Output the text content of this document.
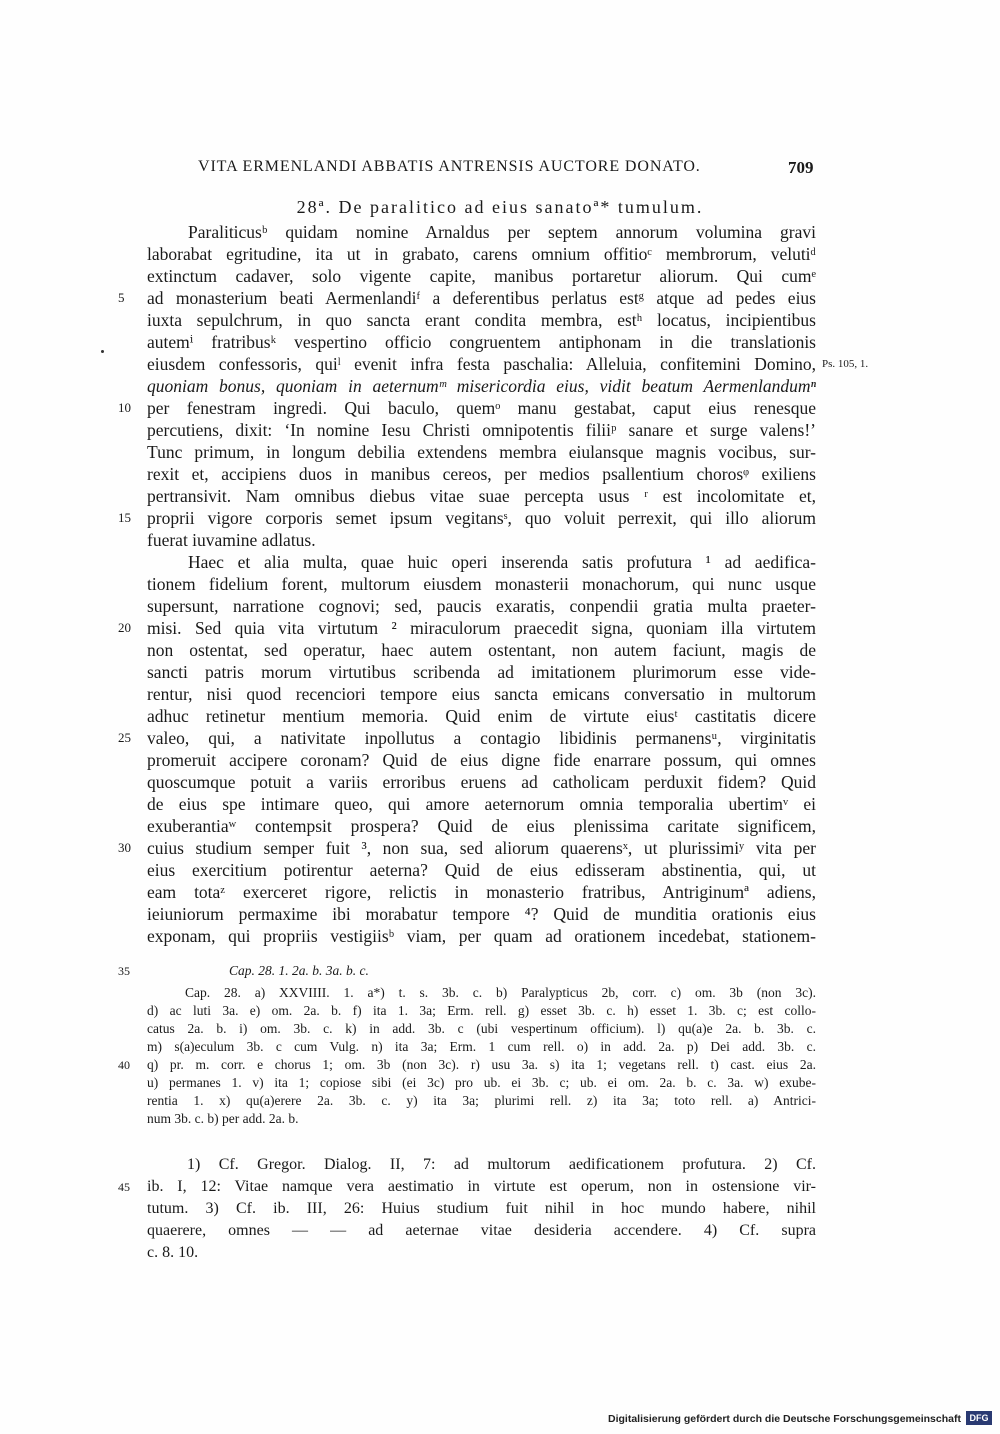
VITA ERMENLANDI ABBATIS ANTRENSIS AUCTORE DONATO.	709
28ª. De paralitico ad eius sanatoª* tumulum.
Paraliticusᵇ quidam nomine Arnaldus per septem annorum volumina gravi
laborabat egritudine, ita ut in grabato, carens omnium offitioᶜ membrorum, velutiᵈ
extinctum cadaver, solo vigente capite, manibus portaretur aliorum. Qui cumᵉ
ad monasterium beati Aermenlandiᶠ a deferentibus perlatus estᵍ atque ad pedes eius
iuxta sepulchrum, in quo sancta erant condita membra, estʰ locatus, incipientibus
autemⁱ fratribusᵏ vespertino officio congruentem antiphonam in die translationis
eiusdem confessoris, quiˡ evenit infra festa paschalia: Alleluia, confitemini Domino,
quoniam bonus, quoniam in aeternumᵐ misericordia eius, vidit beatum Aermenlandumⁿ
per fenestram ingredi. Qui baculo, quemᵒ manu gestabat, caput eius renesque
percutiens, dixit: ‘In nomine Iesu Christi omnipotentis filiiᵖ sanare et surge valens!’
Tunc primum, in longum debilia extendens membra eiulansque magnis vocibus, sur-
rexit et, accipiens duos in manibus cereos, per medios psallentium chorosᵠ exiliens
pertransivit. Nam omnibus diebus vitae suae percepta usus ʳ est incolomitate et,
proprii vigore corporis semet ipsum vegitansˢ, quo voluit perrexit, qui illo aliorum
fuerat iuvamine adlatus.
Haec et alia multa, quae huic operi inserenda satis profutura ¹ ad aedifica-
tionem fidelium forent, multorum eiusdem monasterii monachorum, qui nunc usque
supersunt, narratione cognovi; sed, paucis exaratis, conpendii gratia multa praeter-
misi. Sed quia vita virtutum ² miraculorum praecedit signa, quoniam illa virtutem
non ostentat, sed operatur, haec autem ostentant, non autem faciunt, magis de
sancti patris morum virtutibus scribenda ad imitationem plurimorum esse vide-
rentur, nisi quod recenciori tempore eius sancta emicans conversatio in multorum
adhuc retinetur mentium memoria. Quid enim de virtute eiusᵗ castitatis dicere
valeo, qui, a nativitate inpollutus a contagio libidinis permanensᵘ, virginitatis
promeruit accipere coronam? Quid de eius digne fide enarrare possum, qui omnes
quoscumque potuit a variis erroribus eruens ad catholicam perduxit fidem? Quid
de eius spe intimare queo, qui amore aeternorum omnia temporalia ubertimᵛ ei
exuberantiaʷ contempsit prospera? Quid de eius plenissima caritate significem,
cuius studium semper fuit ³, non sua, sed aliorum quaerensˣ, ut plurissimiʸ vita per
eius exercitium potirentur aeterna? Quid de eius edisseram abstinentia, qui, ut
eam totaᶻ exerceret rigore, relictis in monasterio fratribus, Antriginumª adiens,
ieiuniorum permaxime ibi morabatur tempore ⁴? Quid de munditia orationis eius
exponam, qui propriis vestigiisᵇ viam, per quam ad orationem incedebat, stationem-
5
10
15
20
25
30
Ps. 105, 1.
35	Cap. 28. 1. 2a. b. 3a. b. c.
Cap. 28. a) XXVIIII. 1. a*) t. s. 3b. c. b) Paralypticus 2b, corr. c) om. 3b (non 3c).
d) ac luti 3a. e) om. 2a. b. f) ita 1. 3a; Erm. rell. g) esset 3b. c. h) esset 1. 3b. c; est collo-
catus 2a. b. i) om. 3b. c. k) in add. 3b. c (ubi vespertinum officium). l) qu(a)e 2a. b. 3b. c.
m) s(a)eculum 3b. c cum Vulg. n) ita 3a; Erm. 1 cum rell. o) in add. 2a. p) Dei add. 3b. c.
40 q) pr. m. corr. e chorus 1; om. 3b (non 3c). r) usu 3a. s) ita 1; vegetans rell. t) cast. eius 2a.
u) permanes 1. v) ita 1; copiose sibi (ei 3c) pro ub. ei 3b. c; ub. ei om. 2a. b. c. 3a. w) exube-
rentia 1. x) qu(a)erere 2a. 3b. c. y) ita 3a; plurimi rell. z) ita 3a; toto rell. a) Antrici-
num 3b. c. b) per add. 2a. b.
1) Cf. Gregor. Dialog. II, 7: ad multorum aedificationem profutura. 2) Cf.
45 ib. I, 12: Vitae namque vera aestimatio in virtute est operum, non in ostensione vir-
tutum. 3) Cf. ib. III, 26: Huius studium fuit nihil in hoc mundo habere, nihil
quaerere, omnes — — ad aeternae vitae desideria accendere. 4) Cf. supra
c. 8. 10.
Digitalisierung gefördert durch die Deutsche Forschungsgemeinschaft DFG
